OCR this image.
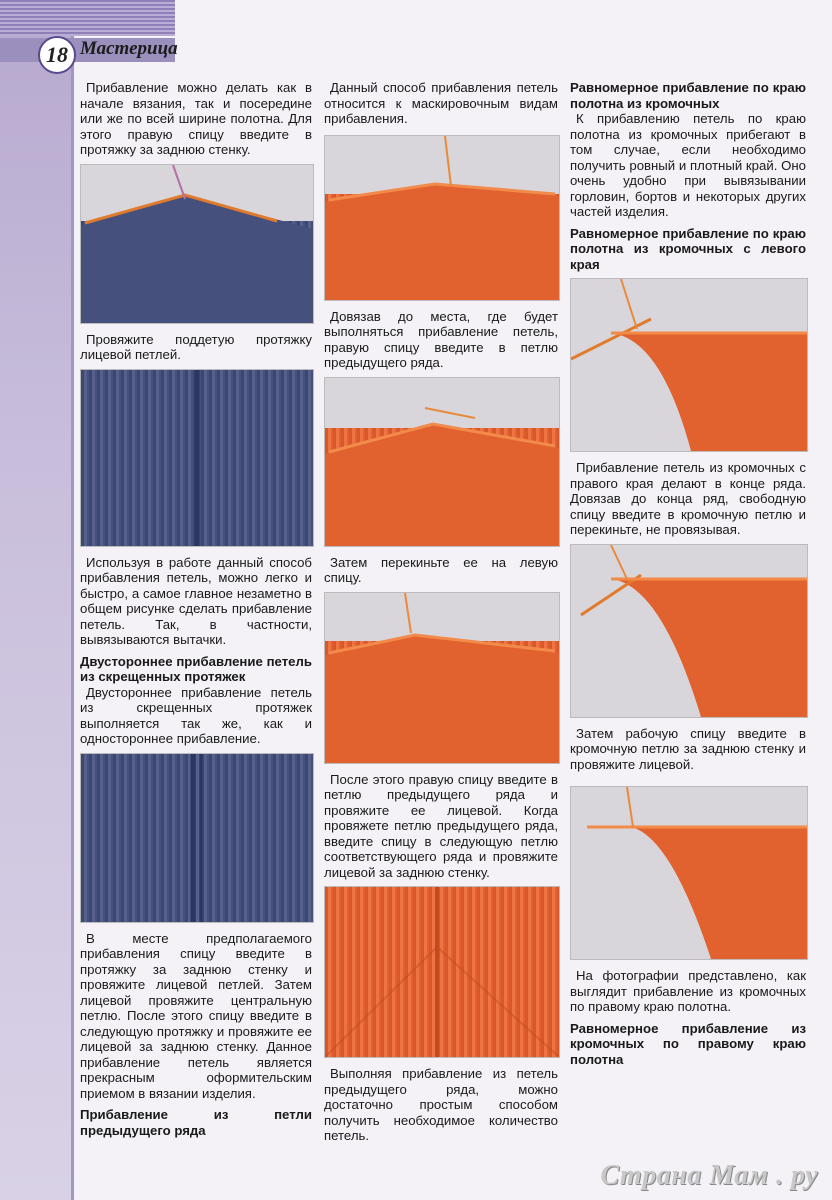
18 Мастерица

Прибавление можно делать как в начале вязания, так и посередине или же по всей ширине полотна. Для этого правую спицу введите в протяжку за заднюю стенку.

Провяжите поддетую протяжку лицевой петлей.

Используя в работе данный способ прибавления петель, можно легко и быстро, а самое главное незаметно в общем рисунке сделать прибавление петель. Так, в частности, вывязываются вытачки.

Двустороннее прибавление петель из скрещенных протяжек

Двустороннее прибавление петель из скрещенных протяжек выполняется так же, как и одностороннее прибавление.

В месте предполагаемого прибавления спицу введите в протяжку за заднюю стенку и провяжите лицевой петлей. Затем лицевой провяжите центральную петлю. После этого спицу введите в следующую протяжку и провяжите ее лицевой за заднюю стенку. Данное прибавление петель является прекрасным оформительским приемом в вязании изделия.

Прибавление из петли предыдущего ряда

Данный способ прибавления петель относится к маскировочным видам прибавления.

Довязав до места, где будет выполняться прибавление петель, правую спицу введите в петлю предыдущего ряда.

Затем перекиньте ее на левую спицу.

После этого правую спицу введите в петлю предыдущего ряда и провяжите ее лицевой. Когда провяжете петлю предыдущего ряда, введите спицу в следующую петлю соответствующего ряда и провяжите лицевой за заднюю стенку.

Выполняя прибавление из петель предыдущего ряда, можно достаточно простым способом получить необходимое количество петель.

Равномерное прибавление по краю полотна из кромочных

К прибавлению петель по краю полотна из кромочных прибегают в том случае, если необходимо получить ровный и плотный край. Оно очень удобно при вывязывании горловин, бортов и некоторых других частей изделия.

Равномерное прибавление по краю полотна из кромочных с левого края

Прибавление петель из кромочных с правого края делают в конце ряда. Довязав до конца ряд, свободную спицу введите в кромочную петлю и перекиньте, не провязывая.

Затем рабочую спицу введите в кромочную петлю за заднюю стенку и провяжите лицевой.

На фотографии представлено, как выглядит прибавление из кромочных по правому краю полотна.

Равномерное прибавление из кромочных по правому краю полотна
Страна Мам . ру
